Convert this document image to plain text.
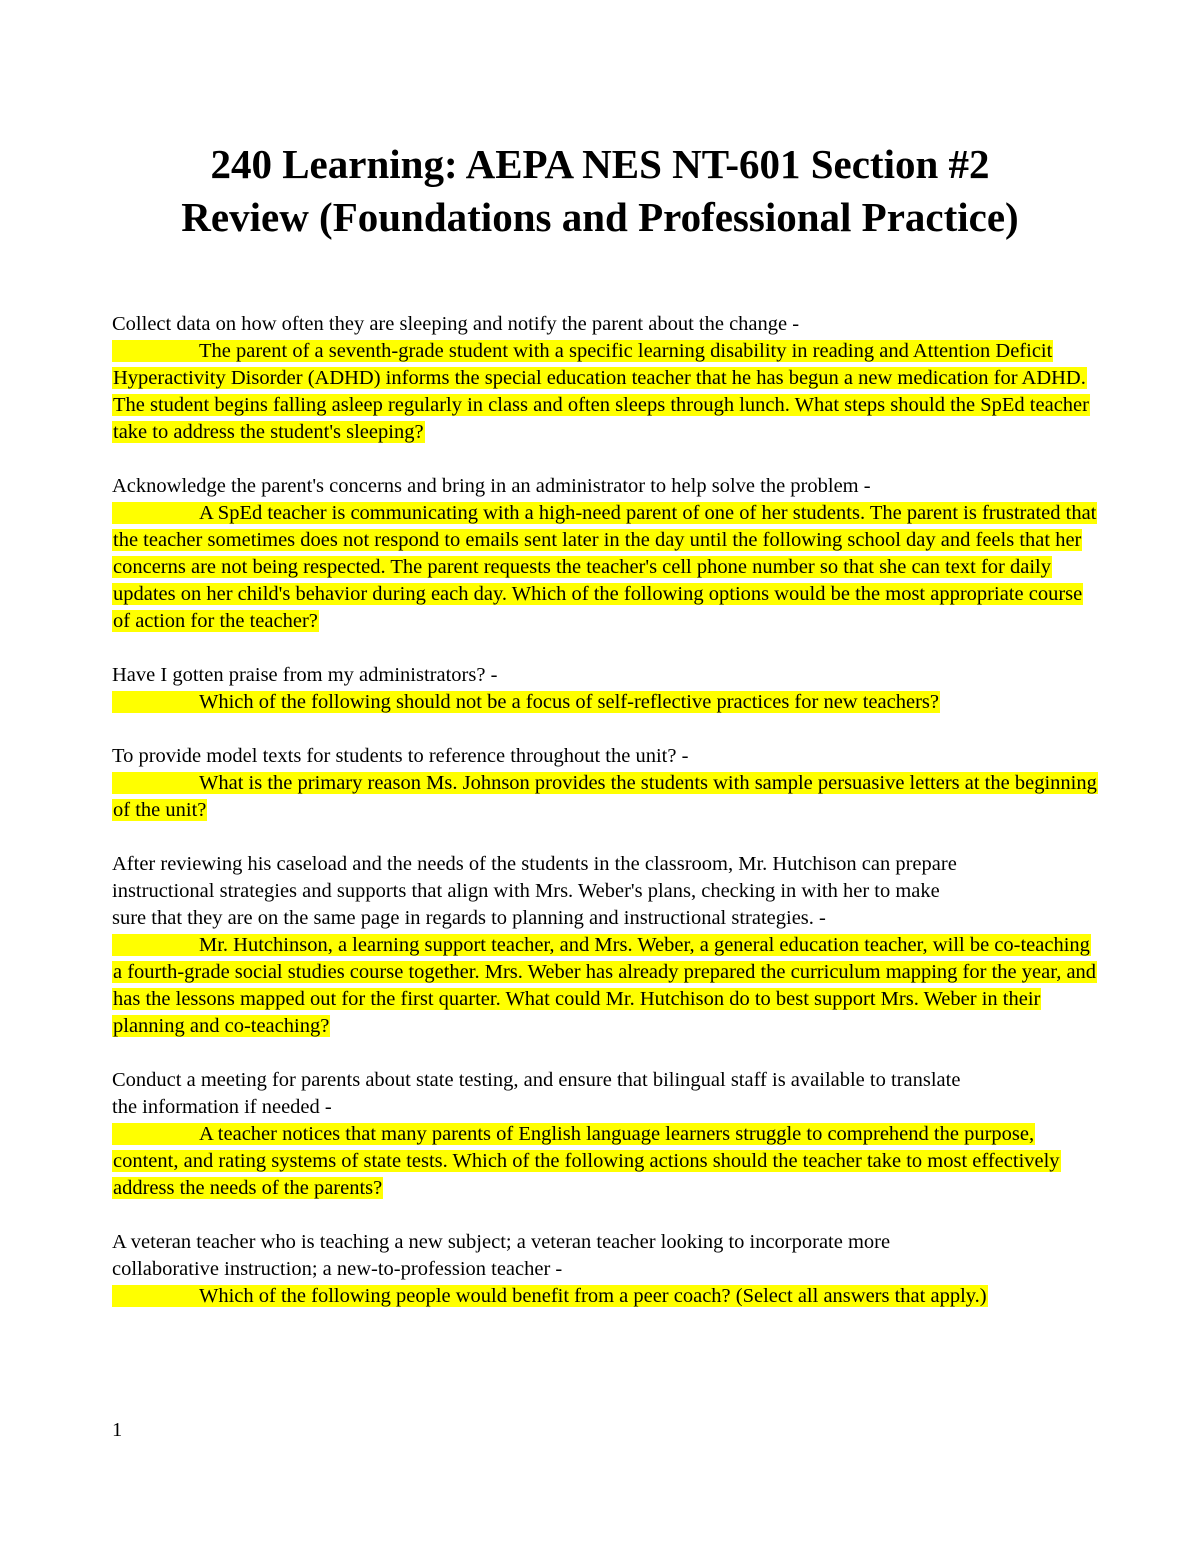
240 Learning: AEPA NES NT-601 Section #2
Review (Foundations and Professional Practice)
Collect data on how often they are sleeping and notify the parent about the change -
The parent of a seventh-grade student with a specific learning disability in reading and Attention Deficit Hyperactivity Disorder (ADHD) informs the special education teacher that he has begun a new medication for ADHD. The student begins falling asleep regularly in class and often sleeps through lunch. What steps should the SpEd teacher take to address the student's sleeping?
Acknowledge the parent's concerns and bring in an administrator to help solve the problem -
A SpEd teacher is communicating with a high-need parent of one of her students. The parent is frustrated that the teacher sometimes does not respond to emails sent later in the day until the following school day and feels that her concerns are not being respected. The parent requests the teacher's cell phone number so that she can text for daily updates on her child's behavior during each day. Which of the following options would be the most appropriate course of action for the teacher?
Have I gotten praise from my administrators? -
Which of the following should not be a focus of self-reflective practices for new teachers?
To provide model texts for students to reference throughout the unit? -
What is the primary reason Ms. Johnson provides the students with sample persuasive letters at the beginning of the unit?
After reviewing his caseload and the needs of the students in the classroom, Mr. Hutchison can prepare
instructional strategies and supports that align with Mrs. Weber's plans, checking in with her to make
sure that they are on the same page in regards to planning and instructional strategies. -
Mr. Hutchinson, a learning support teacher, and Mrs. Weber, a general education teacher, will be co-teaching a fourth-grade social studies course together. Mrs. Weber has already prepared the curriculum mapping for the year, and has the lessons mapped out for the first quarter. What could Mr. Hutchison do to best support Mrs. Weber in their planning and co-teaching?
Conduct a meeting for parents about state testing, and ensure that bilingual staff is available to translate
the information if needed -
A teacher notices that many parents of English language learners struggle to comprehend the purpose, content, and rating systems of state tests. Which of the following actions should the teacher take to most effectively address the needs of the parents?
A veteran teacher who is teaching a new subject; a veteran teacher looking to incorporate more
collaborative instruction; a new-to-profession teacher -
Which of the following people would benefit from a peer coach? (Select all answers that apply.)
1
